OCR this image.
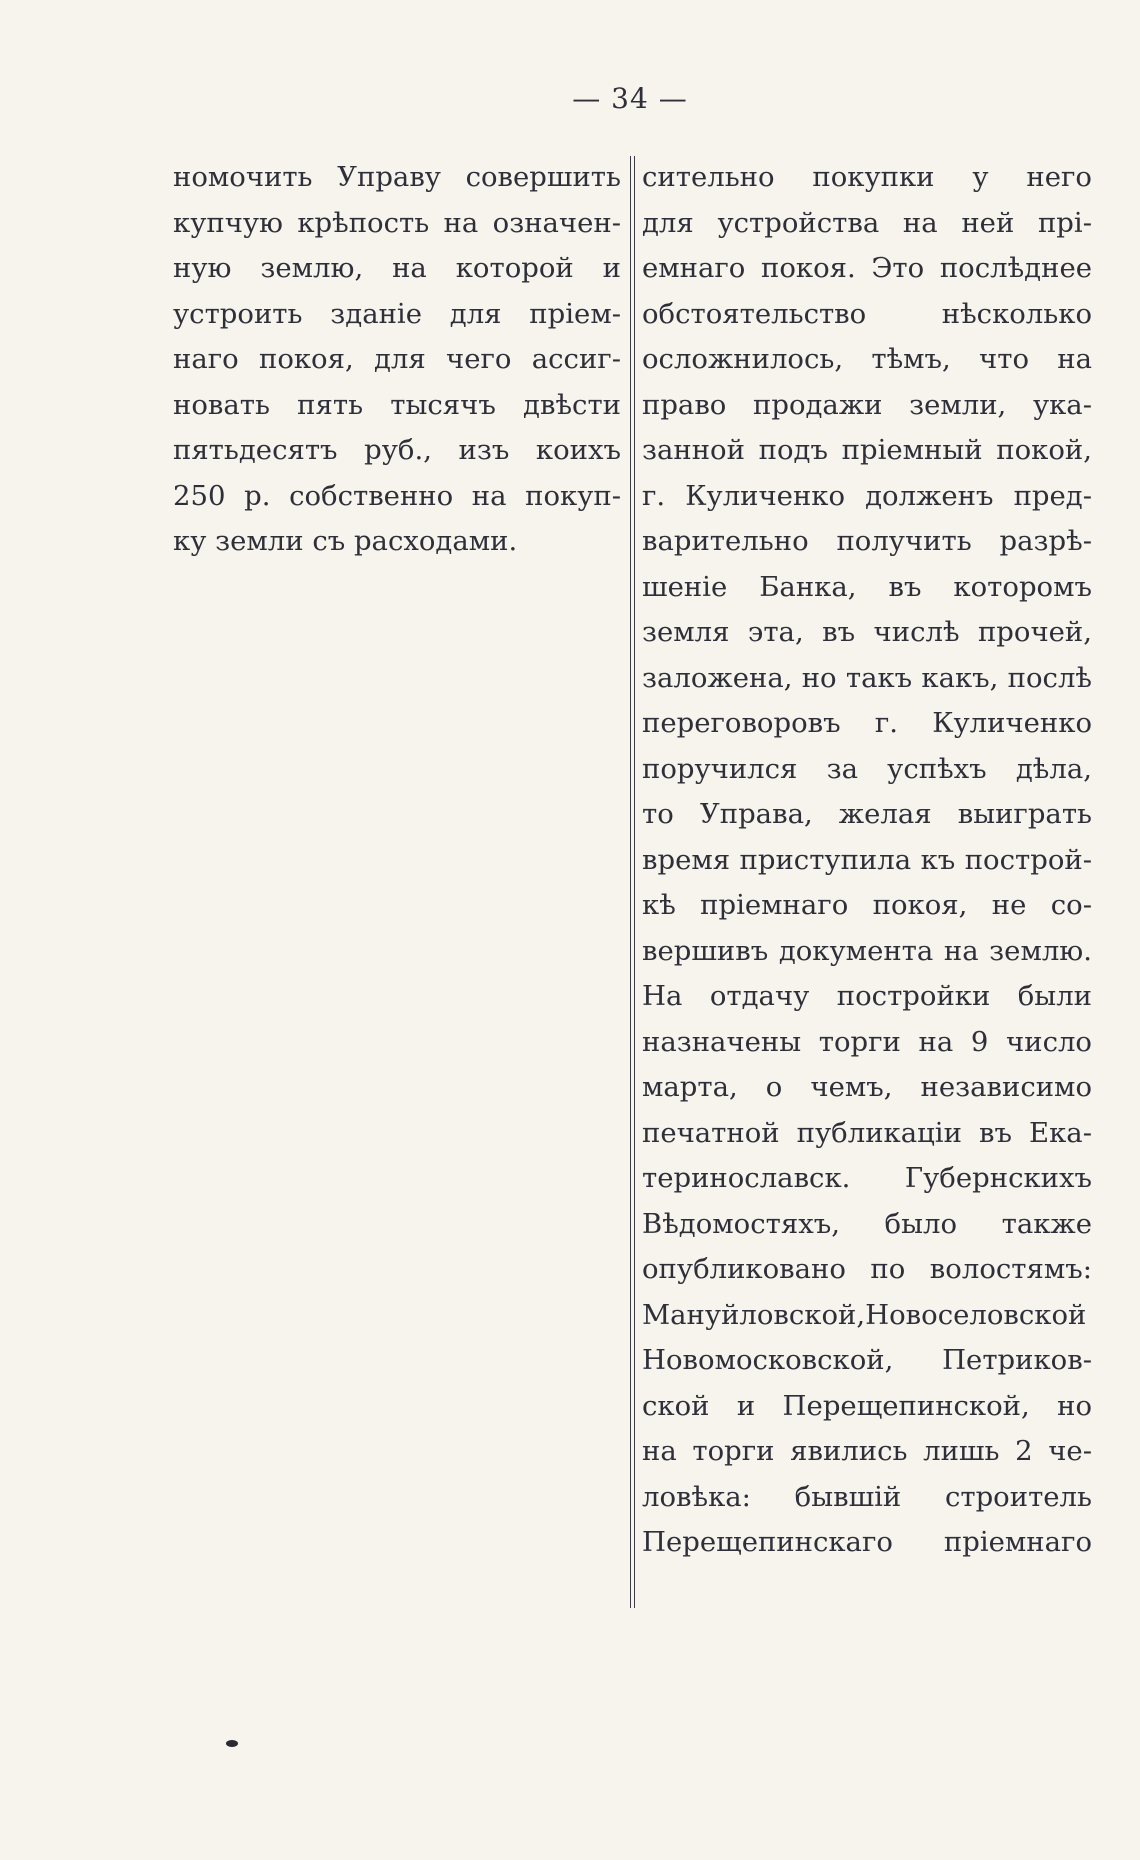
— 34 —
номочить Управу совершить
купчую крѣпость на означен-
ную землю, на которой и
устроить зданіе для пріем-
наго покоя, для чего ассиг-
новать пять тысячъ двѣсти
пятьдесятъ руб., изъ коихъ
250 р. собственно на покуп-
ку земли съ расходами.
сительно покупки у него
для устройства на ней прі-
емнаго покоя. Это послѣднее
обстоятельство нѣсколько
осложнилось, тѣмъ, что на
право продажи земли, ука-
занной подъ пріемный покой,
г. Куличенко долженъ пред-
варительно получить разрѣ-
шеніе Банка, въ которомъ
земля эта, въ числѣ прочей,
заложена, но такъ какъ, послѣ
переговоровъ г. Куличенко
поручился за успѣхъ дѣла,
то Управа, желая выиграть
время приступила къ построй-
кѣ пріемнаго покоя, не со-
вершивъ документа на землю.
На отдачу постройки были
назначены торги на 9 число
марта, о чемъ, независимо
печатной публикаціи въ Ека-
теринославск. Губернскихъ
Вѣдомостяхъ, было также
опубликовано по волостямъ:
Мануйловской,Новоселовской
Новомосковской, Петриков-
ской и Перещепинской, но
на торги явились лишь 2 че-
ловѣка: бывшій строитель
Перещепинскаго пріемнаго
